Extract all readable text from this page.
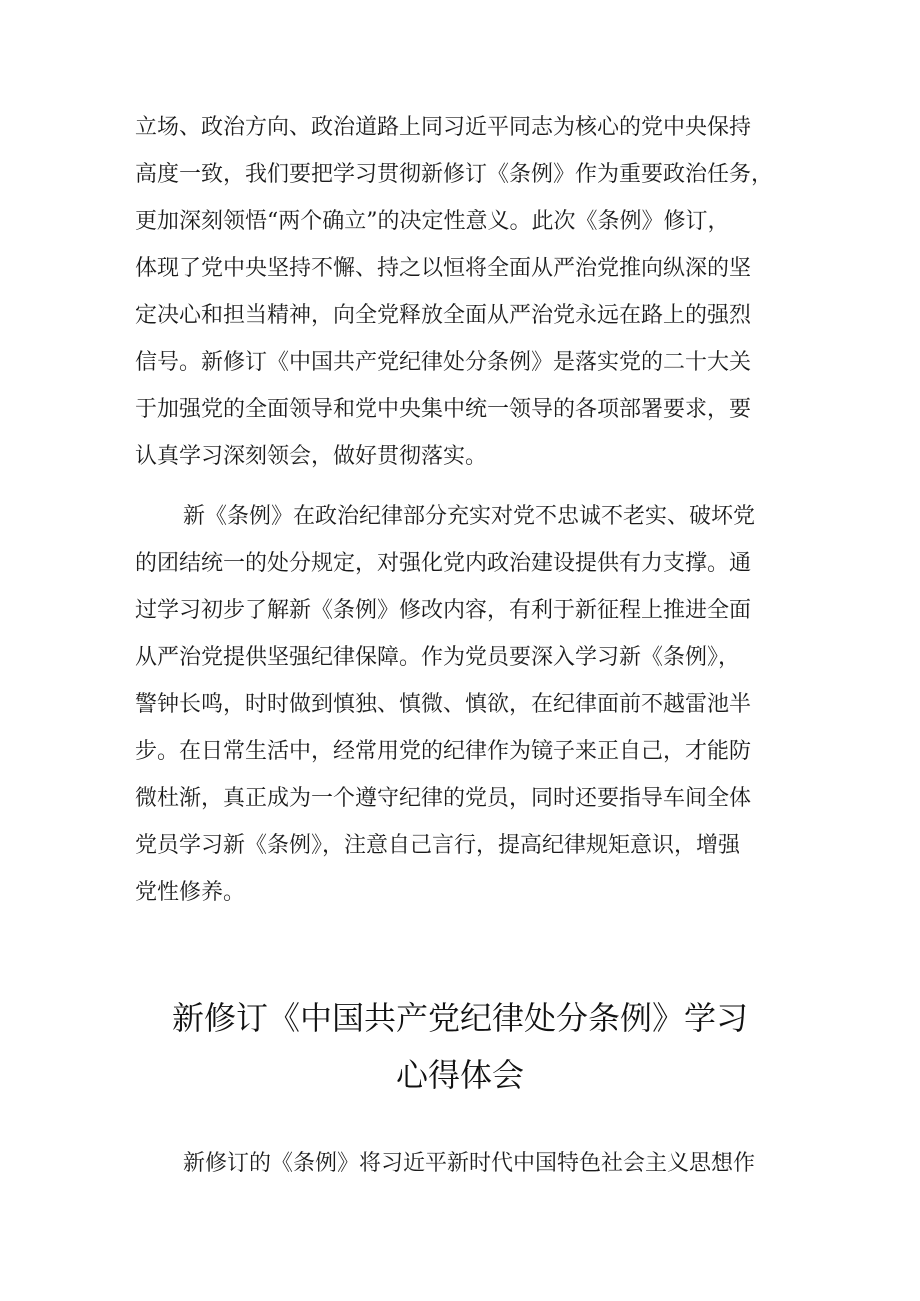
立场、政治方向、政治道路上同习近平同志为核心的党中央保持

高度一致，我们要把学习贯彻新修订《条例》作为重要政治任务，

更加深刻领悟“两个确立”的决定性意义。此次《条例》修订，

体现了党中央坚持不懈、持之以恒将全面从严治党推向纵深的坚

定决心和担当精神，向全党释放全面从严治党永远在路上的强烈

信号。新修订《中国共产党纪律处分条例》是落实党的二十大关

于加强党的全面领导和党中央集中统一领导的各项部署要求，要

认真学习深刻领会，做好贯彻落实。

新《条例》在政治纪律部分充实对党不忠诚不老实、破坏党

的团结统一的处分规定，对强化党内政治建设提供有力支撑。通

过学习初步了解新《条例》修改内容，有利于新征程上推进全面

从严治党提供坚强纪律保障。作为党员要深入学习新《条例》，

警钟长鸣，时时做到慎独、慎微、慎欲，在纪律面前不越雷池半

步。在日常生活中，经常用党的纪律作为镜子来正自己，才能防

微杜渐，真正成为一个遵守纪律的党员，同时还要指导车间全体

党员学习新《条例》，注意自己言行，提高纪律规矩意识，增强

党性修养。

新修订《中国共产党纪律处分条例》学习
心得体会

新修订的《条例》将习近平新时代中国特色社会主义思想作
